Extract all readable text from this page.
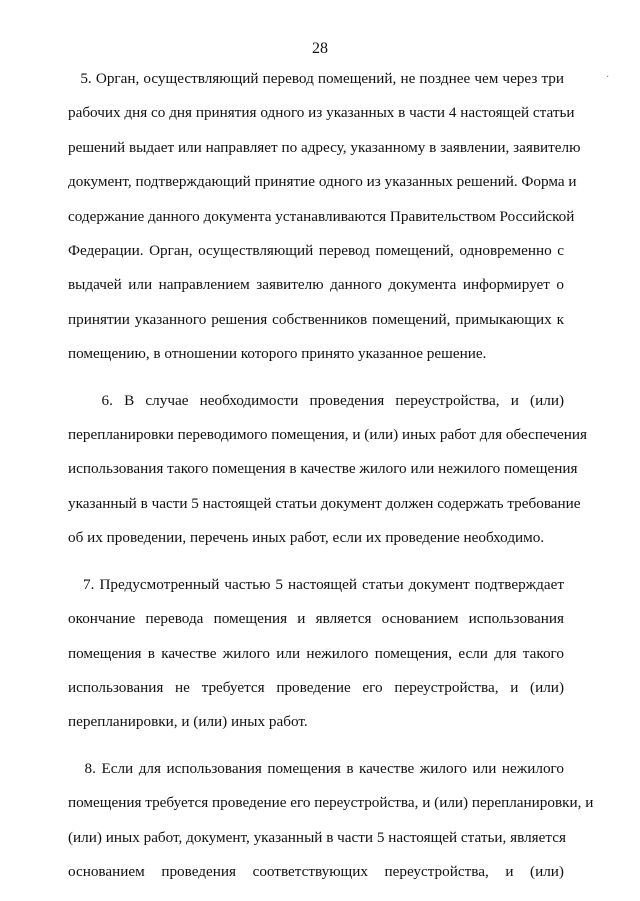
28
·
5. Орган, осуществляющий перевод помещений, не позднее чем через три
рабочих дня со дня принятия одного из указанных в части 4 настоящей статьи
решений выдает или направляет по адресу, указанному в заявлении, заявителю
документ, подтверждающий принятие одного из указанных решений. Форма и
содержание данного документа устанавливаются Правительством Российской
Федерации. Орган, осуществляющий перевод помещений, одновременно с
выдачей или направлением заявителю данного документа информирует о
принятии указанного решения собственников помещений, примыкающих к
помещению, в отношении которого принято указанное решение.
6. В случае необходимости проведения переустройства, и (или)
перепланировки переводимого помещения, и (или) иных работ для обеспечения
использования такого помещения в качестве жилого или нежилого помещения
указанный в части 5 настоящей статьи документ должен содержать требование
об их проведении, перечень иных работ, если их проведение необходимо.
7. Предусмотренный частью 5 настоящей статьи документ подтверждает
окончание перевода помещения и является основанием использования
помещения в качестве жилого или нежилого помещения, если для такого
использования не требуется проведение его переустройства, и (или)
перепланировки, и (или) иных работ.
8. Если для использования помещения в качестве жилого или нежилого
помещения требуется проведение его переустройства, и (или) перепланировки, и
(или) иных работ, документ, указанный в части 5 настоящей статьи, является
основанием проведения соответствующих переустройства, и (или)
